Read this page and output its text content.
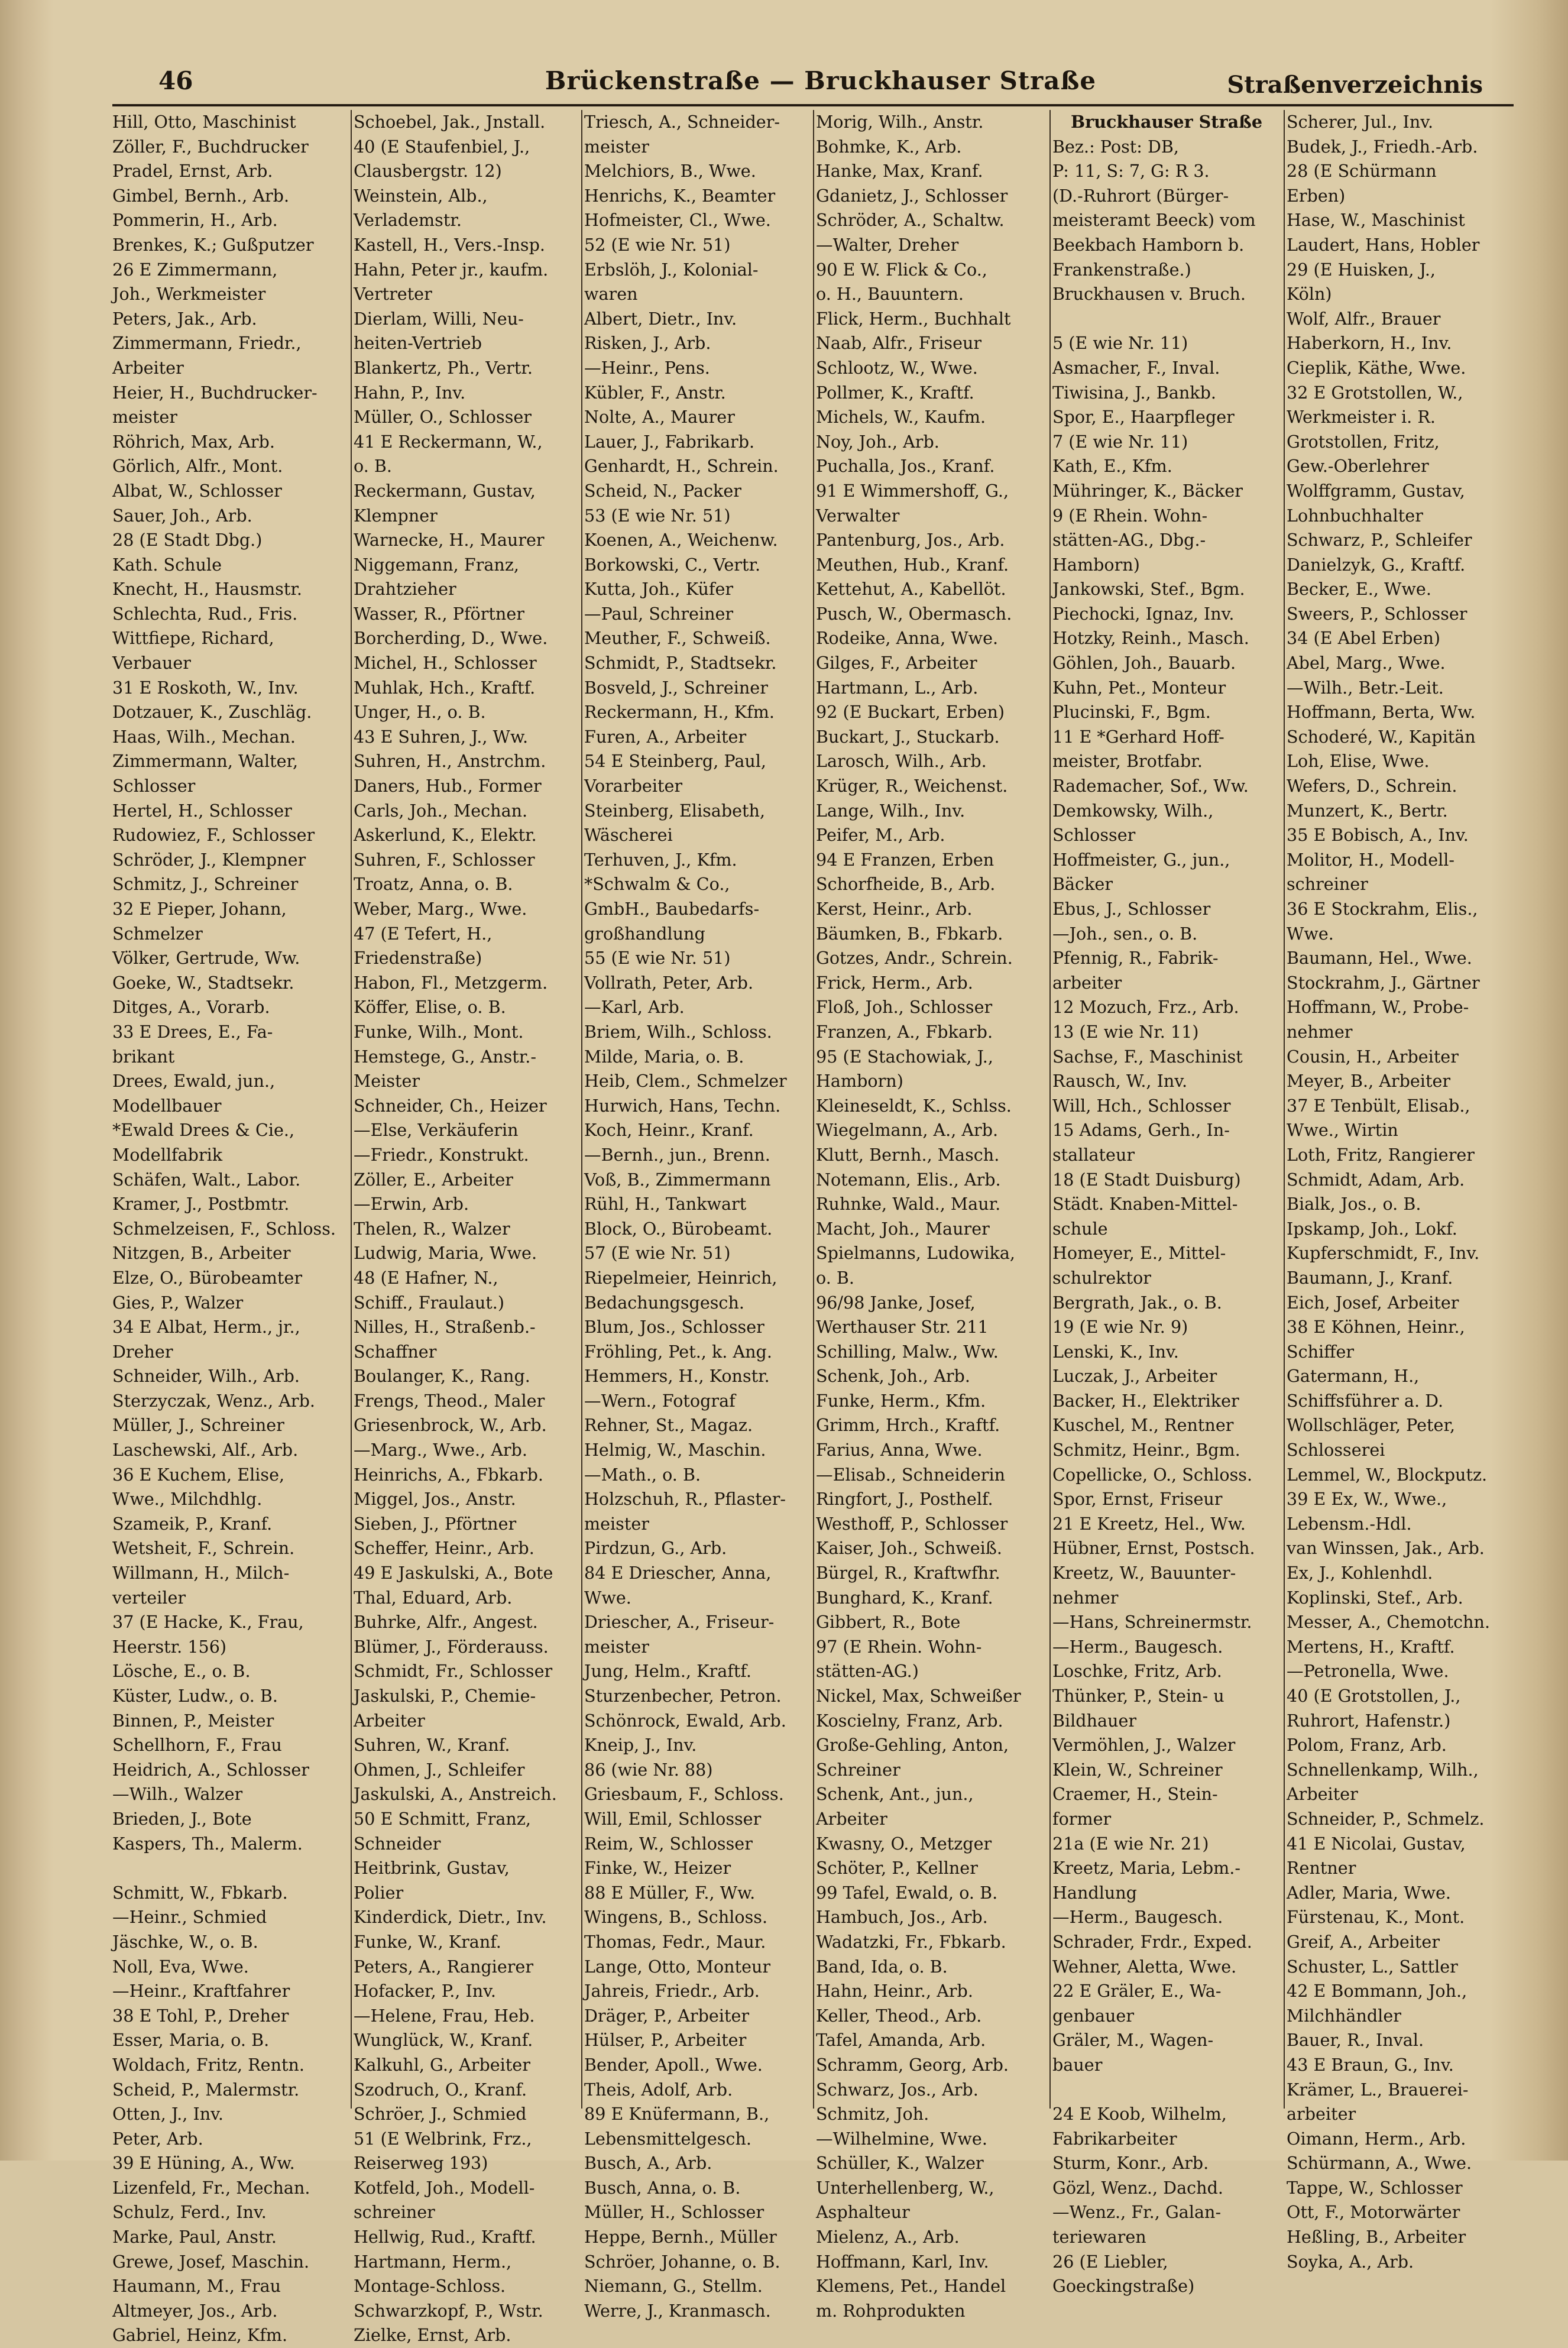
46	Brückenstraße — Bruckhauser Straße	Straßenverzeichnis
Hill, Otto, Maschinist
Zöller, F., Buchdrucker
Pradel, Ernst, Arb.
Gimbel, Bernh., Arb.
Pommerin, H., Arb.
Brenkes, K.; Gußputzer
26 E Zimmermann,
Joh., Werkmeister
Peters, Jak., Arb.
Zimmermann, Friedr.,
Arbeiter
Heier, H., Buchdrucker-
meister
Röhrich, Max, Arb.
Görlich, Alfr., Mont.
Albat, W., Schlosser
Sauer, Joh., Arb.
28 (E Stadt Dbg.)
Kath. Schule
Knecht, H., Hausmstr.
Schlechta, Rud., Fris.
Wittfiepe, Richard,
Verbauer
31 E Roskoth, W., Inv.
Dotzauer, K., Zuschläg.
Haas, Wilh., Mechan.
Zimmermann, Walter,
Schlosser
Hertel, H., Schlosser
Rudowiez, F., Schlosser
Schröder, J., Klempner
Schmitz, J., Schreiner
32 E Pieper, Johann,
Schmelzer
Völker, Gertrude, Ww.
Goeke, W., Stadtsekr.
Ditges, A., Vorarb.
33 E Drees, E., Fa-
brikant
Drees, Ewald, jun.,
Modellbauer
*Ewald Drees & Cie.,
Modellfabrik
Schäfen, Walt., Labor.
Kramer, J., Postbmtr.
Schmelzeisen, F., Schloss.
Nitzgen, B., Arbeiter
Elze, O., Bürobeamter
Gies, P., Walzer
34 E Albat, Herm., jr.,
Dreher
Schneider, Wilh., Arb.
Sterzyczak, Wenz., Arb.
Müller, J., Schreiner
Laschewski, Alf., Arb.
36 E Kuchem, Elise,
Wwe., Milchdhlg.
Szameik, P., Kranf.
Wetsheit, F., Schrein.
Willmann, H., Milch-
verteiler
37 (E Hacke, K., Frau,
Heerstr. 156)
Lösche, E., o. B.
Küster, Ludw., o. B.
Binnen, P., Meister
Schellhorn, F., Frau
Heidrich, A., Schlosser
—Wilh., Walzer
Brieden, J., Bote
Kaspers, Th., Malerm.
Schmitt, W., Fbkarb.
—Heinr., Schmied
Jäschke, W., o. B.
Noll, Eva, Wwe.
—Heinr., Kraftfahrer
38 E Tohl, P., Dreher
Esser, Maria, o. B.
Woldach, Fritz, Rentn.
Scheid, P., Malermstr.
Otten, J., Inv.
Peter, Arb.
39 E Hüning, A., Ww.
Lizenfeld, Fr., Mechan.
Schulz, Ferd., Inv.
Marke, Paul, Anstr.
Grewe, Josef, Maschin.
Haumann, M., Frau
Altmeyer, Jos., Arb.
Gabriel, Heinz, Kfm.
Schoebel, Jak., Jnstall.
40 (E Staufenbiel, J.,
Clausbergstr. 12)
Weinstein, Alb.,
Verlademstr.
Kastell, H., Vers.-Insp.
Hahn, Peter jr., kaufm.
Vertreter
Dierlam, Willi, Neu-
heiten-Vertrieb
Blankertz, Ph., Vertr.
Hahn, P., Inv.
Müller, O., Schlosser
41 E Reckermann, W.,
o. B.
Reckermann, Gustav,
Klempner
Warnecke, H., Maurer
Niggemann, Franz,
Drahtzieher
Wasser, R., Pförtner
Borcherding, D., Wwe.
Michel, H., Schlosser
Muhlak, Hch., Kraftf.
Unger, H., o. B.
43 E Suhren, J., Ww.
Suhren, H., Anstrchm.
Daners, Hub., Former
Carls, Joh., Mechan.
Askerlund, K., Elektr.
Suhren, F., Schlosser
Troatz, Anna, o. B.
Weber, Marg., Wwe.
47 (E Tefert, H.,
Friedenstraße)
Habon, Fl., Metzgerm.
Köffer, Elise, o. B.
Funke, Wilh., Mont.
Hemstege, G., Anstr.-
Meister
Schneider, Ch., Heizer
—Else, Verkäuferin
—Friedr., Konstrukt.
Zöller, E., Arbeiter
—Erwin, Arb.
Thelen, R., Walzer
Ludwig, Maria, Wwe.
48 (E Hafner, N.,
Schiff., Fraulaut.)
Nilles, H., Straßenb.-
Schaffner
Boulanger, K., Rang.
Frengs, Theod., Maler
Griesenbrock, W., Arb.
—Marg., Wwe., Arb.
Heinrichs, A., Fbkarb.
Miggel, Jos., Anstr.
Sieben, J., Pförtner
Scheffer, Heinr., Arb.
49 E Jaskulski, A., Bote
Thal, Eduard, Arb.
Buhrke, Alfr., Angest.
Blümer, J., Förderauss.
Schmidt, Fr., Schlosser
Jaskulski, P., Chemie-
Arbeiter
Suhren, W., Kranf.
Ohmen, J., Schleifer
Jaskulski, A., Anstreich.
50 E Schmitt, Franz,
Schneider
Heitbrink, Gustav,
Polier
Kinderdick, Dietr., Inv.
Funke, W., Kranf.
Peters, A., Rangierer
Hofacker, P., Inv.
—Helene, Frau, Heb.
Wunglück, W., Kranf.
Kalkuhl, G., Arbeiter
Szodruch, O., Kranf.
Schröer, J., Schmied
51 (E Welbrink, Frz.,
Reiserweg 193)
Kotfeld, Joh., Modell-
schreiner
Hellwig, Rud., Kraftf.
Hartmann, Herm.,
Montage-Schloss.
Schwarzkopf, P., Wstr.
Zielke, Ernst, Arb.
Triesch, A., Schneider-
meister
Melchiors, B., Wwe.
Henrichs, K., Beamter
Hofmeister, Cl., Wwe.
52 (E wie Nr. 51)
Erbslöh, J., Kolonial-
waren
Albert, Dietr., Inv.
Risken, J., Arb.
—Heinr., Pens.
Kübler, F., Anstr.
Nolte, A., Maurer
Lauer, J., Fabrikarb.
Genhardt, H., Schrein.
Scheid, N., Packer
53 (E wie Nr. 51)
Koenen, A., Weichenw.
Borkowski, C., Vertr.
Kutta, Joh., Küfer
—Paul, Schreiner
Meuther, F., Schweiß.
Schmidt, P., Stadtsekr.
Bosveld, J., Schreiner
Reckermann, H., Kfm.
Furen, A., Arbeiter
54 E Steinberg, Paul,
Vorarbeiter
Steinberg, Elisabeth,
Wäscherei
Terhuven, J., Kfm.
*Schwalm & Co.,
GmbH., Baubedarfs-
großhandlung
55 (E wie Nr. 51)
Vollrath, Peter, Arb.
—Karl, Arb.
Briem, Wilh., Schloss.
Milde, Maria, o. B.
Heib, Clem., Schmelzer
Hurwich, Hans, Techn.
Koch, Heinr., Kranf.
—Bernh., jun., Brenn.
Voß, B., Zimmermann
Rühl, H., Tankwart
Block, O., Bürobeamt.
57 (E wie Nr. 51)
Riepelmeier, Heinrich,
Bedachungsgesch.
Blum, Jos., Schlosser
Fröhling, Pet., k. Ang.
Hemmers, H., Konstr.
—Wern., Fotograf
Rehner, St., Magaz.
Helmig, W., Maschin.
—Math., o. B.
Holzschuh, R., Pflaster-
meister
Pirdzun, G., Arb.
84 E Driescher, Anna,
Wwe.
Driescher, A., Friseur-
meister
Jung, Helm., Kraftf.
Sturzenbecher, Petron.
Schönrock, Ewald, Arb.
Kneip, J., Inv.
86 (wie Nr. 88)
Griesbaum, F., Schloss.
Will, Emil, Schlosser
Reim, W., Schlosser
Finke, W., Heizer
88 E Müller, F., Ww.
Wingens, B., Schloss.
Thomas, Fedr., Maur.
Lange, Otto, Monteur
Jahreis, Friedr., Arb.
Dräger, P., Arbeiter
Hülser, P., Arbeiter
Bender, Apoll., Wwe.
Theis, Adolf, Arb.
89 E Knüfermann, B.,
Lebensmittelgesch.
Busch, A., Arb.
Busch, Anna, o. B.
Müller, H., Schlosser
Heppe, Bernh., Müller
Schröer, Johanne, o. B.
Niemann, G., Stellm.
Werre, J., Kranmasch.
Morig, Wilh., Anstr.
Bohmke, K., Arb.
Hanke, Max, Kranf.
Gdanietz, J., Schlosser
Schröder, A., Schaltw.
—Walter, Dreher
90 E W. Flick & Co.,
o. H., Bauuntern.
Flick, Herm., Buchhalt
Naab, Alfr., Friseur
Schlootz, W., Wwe.
Pollmer, K., Kraftf.
Michels, W., Kaufm.
Noy, Joh., Arb.
Puchalla, Jos., Kranf.
91 E Wimmershoff, G.,
Verwalter
Pantenburg, Jos., Arb.
Meuthen, Hub., Kranf.
Kettehut, A., Kabellöt.
Pusch, W., Obermasch.
Rodeike, Anna, Wwe.
Gilges, F., Arbeiter
Hartmann, L., Arb.
92 (E Buckart, Erben)
Buckart, J., Stuckarb.
Larosch, Wilh., Arb.
Krüger, R., Weichenst.
Lange, Wilh., Inv.
Peifer, M., Arb.
94 E Franzen, Erben
Schorfheide, B., Arb.
Kerst, Heinr., Arb.
Bäumken, B., Fbkarb.
Gotzes, Andr., Schrein.
Frick, Herm., Arb.
Floß, Joh., Schlosser
Franzen, A., Fbkarb.
95 (E Stachowiak, J.,
Hamborn)
Kleineseldt, K., Schlss.
Wiegelmann, A., Arb.
Klutt, Bernh., Masch.
Notemann, Elis., Arb.
Ruhnke, Wald., Maur.
Macht, Joh., Maurer
Spielmanns, Ludowika,
o. B.
96/98 Janke, Josef,
Werthauser Str. 211
Schilling, Malw., Ww.
Schenk, Joh., Arb.
Funke, Herm., Kfm.
Grimm, Hrch., Kraftf.
Farius, Anna, Wwe.
—Elisab., Schneiderin
Ringfort, J., Posthelf.
Westhoff, P., Schlosser
Kaiser, Joh., Schweiß.
Bürgel, R., Kraftwfhr.
Bunghard, K., Kranf.
Gibbert, R., Bote
97 (E Rhein. Wohn-
stätten-AG.)
Nickel, Max, Schweißer
Koscielny, Franz, Arb.
Große-Gehling, Anton,
Schreiner
Schenk, Ant., jun.,
Arbeiter
Kwasny, O., Metzger
Schöter, P., Kellner
99 Tafel, Ewald, o. B.
Hambuch, Jos., Arb.
Wadatzki, Fr., Fbkarb.
Band, Ida, o. B.
Hahn, Heinr., Arb.
Keller, Theod., Arb.
Tafel, Amanda, Arb.
Schramm, Georg, Arb.
Schwarz, Jos., Arb.
Schmitz, Joh.
—Wilhelmine, Wwe.
Schüller, K., Walzer
Unterhellenberg, W.,
Asphalteur
Mielenz, A., Arb.
Hoffmann, Karl, Inv.
Klemens, Pet., Handel
m. Rohprodukten
Bruckhauser Straße
Bez.: Post: DB,
P: 11, S: 7, G: R 3.
(D.-Ruhrort (Bürger-
meisteramt Beeck) vom
Beekbach Hamborn b.
Frankenstraße.)
Bruckhausen v. Bruch.
5 (E wie Nr. 11)
Asmacher, F., Inval.
Tiwisina, J., Bankb.
Spor, E., Haarpfleger
7 (E wie Nr. 11)
Kath, E., Kfm.
Mühringer, K., Bäcker
9 (E Rhein. Wohn-
stätten-AG., Dbg.-
Hamborn)
Jankowski, Stef., Bgm.
Piechocki, Ignaz, Inv.
Hotzky, Reinh., Masch.
Göhlen, Joh., Bauarb.
Kuhn, Pet., Monteur
Plucinski, F., Bgm.
11 E *Gerhard Hoff-
meister, Brotfabr.
Rademacher, Sof., Ww.
Demkowsky, Wilh.,
Schlosser
Hoffmeister, G., jun.,
Bäcker
Ebus, J., Schlosser
—Joh., sen., o. B.
Pfennig, R., Fabrik-
arbeiter
12 Mozuch, Frz., Arb.
13 (E wie Nr. 11)
Sachse, F., Maschinist
Rausch, W., Inv.
Will, Hch., Schlosser
15 Adams, Gerh., In-
stallateur
18 (E Stadt Duisburg)
Städt. Knaben-Mittel-
schule
Homeyer, E., Mittel-
schulrektor
Bergrath, Jak., o. B.
19 (E wie Nr. 9)
Lenski, K., Inv.
Luczak, J., Arbeiter
Backer, H., Elektriker
Kuschel, M., Rentner
Schmitz, Heinr., Bgm.
Copellicke, O., Schloss.
Spor, Ernst, Friseur
21 E Kreetz, Hel., Ww.
Hübner, Ernst, Postsch.
Kreetz, W., Bauunter-
nehmer
—Hans, Schreinermstr.
—Herm., Baugesch.
Loschke, Fritz, Arb.
Thünker, P., Stein- u
Bildhauer
Vermöhlen, J., Walzer
Klein, W., Schreiner
Craemer, H., Stein-
former
21a (E wie Nr. 21)
Kreetz, Maria, Lebm.-
Handlung
—Herm., Baugesch.
Schrader, Frdr., Exped.
Wehner, Aletta, Wwe.
22 E Gräler, E., Wa-
genbauer
Gräler, M., Wagen-
bauer
24 E Koob, Wilhelm,
Fabrikarbeiter
Sturm, Konr., Arb.
Gözl, Wenz., Dachd.
—Wenz., Fr., Galan-
teriewaren
26 (E Liebler,
Goeckingstraße)
Scherer, Jul., Inv.
Budek, J., Friedh.-Arb.
28 (E Schürmann
Erben)
Hase, W., Maschinist
Laudert, Hans, Hobler
29 (E Huisken, J.,
Köln)
Wolf, Alfr., Brauer
Haberkorn, H., Inv.
Cieplik, Käthe, Wwe.
32 E Grotstollen, W.,
Werkmeister i. R.
Grotstollen, Fritz,
Gew.-Oberlehrer
Wolffgramm, Gustav,
Lohnbuchhalter
Schwarz, P., Schleifer
Danielzyk, G., Kraftf.
Becker, E., Wwe.
Sweers, P., Schlosser
34 (E Abel Erben)
Abel, Marg., Wwe.
—Wilh., Betr.-Leit.
Hoffmann, Berta, Ww.
Schoderé, W., Kapitän
Loh, Elise, Wwe.
Wefers, D., Schrein.
Munzert, K., Bertr.
35 E Bobisch, A., Inv.
Molitor, H., Modell-
schreiner
36 E Stockrahm, Elis.,
Wwe.
Baumann, Hel., Wwe.
Stockrahm, J., Gärtner
Hoffmann, W., Probe-
nehmer
Cousin, H., Arbeiter
Meyer, B., Arbeiter
37 E Tenbült, Elisab.,
Wwe., Wirtin
Loth, Fritz, Rangierer
Schmidt, Adam, Arb.
Bialk, Jos., o. B.
Ipskamp, Joh., Lokf.
Kupferschmidt, F., Inv.
Baumann, J., Kranf.
Eich, Josef, Arbeiter
38 E Köhnen, Heinr.,
Schiffer
Gatermann, H.,
Schiffsführer a. D.
Wollschläger, Peter,
Schlosserei
Lemmel, W., Blockputz.
39 E Ex, W., Wwe.,
Lebensm.-Hdl.
van Winssen, Jak., Arb.
Ex, J., Kohlenhdl.
Koplinski, Stef., Arb.
Messer, A., Chemotchn.
Mertens, H., Kraftf.
—Petronella, Wwe.
40 (E Grotstollen, J.,
Ruhrort, Hafenstr.)
Polom, Franz, Arb.
Schnellenkamp, Wilh.,
Arbeiter
Schneider, P., Schmelz.
41 E Nicolai, Gustav,
Rentner
Adler, Maria, Wwe.
Fürstenau, K., Mont.
Greif, A., Arbeiter
Schuster, L., Sattler
42 E Bommann, Joh.,
Milchhändler
Bauer, R., Inval.
43 E Braun, G., Inv.
Krämer, L., Brauerei-
arbeiter
Oimann, Herm., Arb.
Schürmann, A., Wwe.
Tappe, W., Schlosser
Ott, F., Motorwärter
Heßling, B., Arbeiter
Soyka, A., Arb.
